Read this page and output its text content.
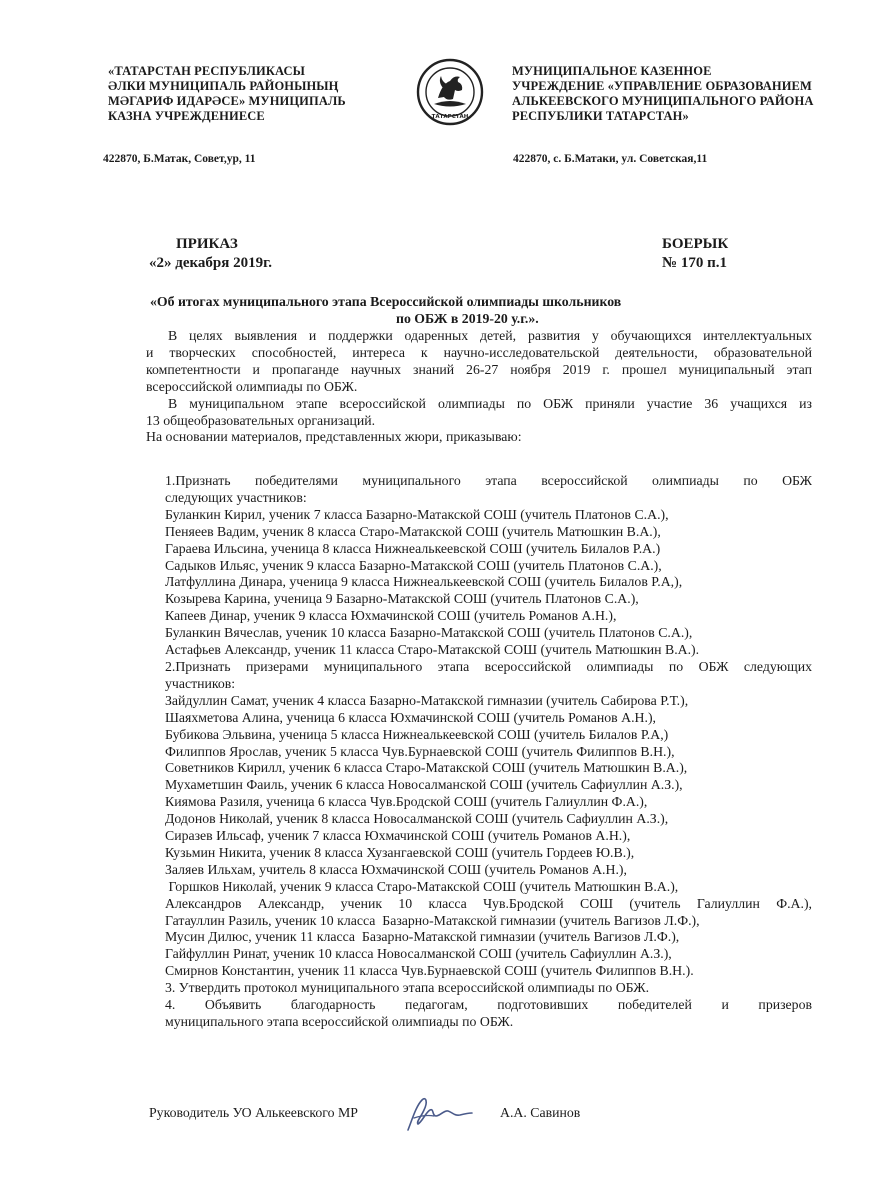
«ТАТАРСТАН РЕСПУБЛИКАСЫ
ӘЛКИ МУНИЦИПАЛЬ РАЙОНЫНЫҢ
МӘГАРИФ ИДАРӘСЕ» МУНИЦИПАЛЬ
КАЗНА УЧРЕЖДЕНИЕСЕ
422870, Б.Матак, Совет,ур, 11
ТАТАРСТАН
МУНИЦИПАЛЬНОЕ КАЗЕННОЕ
УЧРЕЖДЕНИЕ «УПРАВЛЕНИЕ ОБРАЗОВАНИЕМ
АЛЬКЕЕВСКОГО МУНИЦИПАЛЬНОГО РАЙОНА
РЕСПУБЛИКИ ТАТАРСТАН»
422870, с. Б.Матаки, ул. Советская,11
ПРИКАЗ
«2» декабря 2019г.
БОЕРЫК
№ 170 п.1
«Об итогах муниципального этапа Всероссийской олимпиады школьников
по ОБЖ в 2019-20 у.г.».
В целях выявления и поддержки одаренных детей, развития у обучающихся интеллектуальных
и творческих способностей, интереса к научно-исследовательской деятельности, образовательной
компетентности и пропаганде научных знаний 26-27 ноября 2019 г. прошел муниципальный этап
всероссийской олимпиады по ОБЖ.
В муниципальном этапе всероссийской олимпиады по ОБЖ приняли участие 36 учащихся из
13 общеобразовательных организаций.
На основании материалов, представленных жюри, приказываю:
1.Признать победителями муниципального этапа всероссийской олимпиады по ОБЖ
следующих участников:
Буланкин Кирил, ученик 7 класса Базарно-Матакской СОШ (учитель Платонов С.А.),
Пеняеев Вадим, ученик 8 класса Старо-Матакской СОШ (учитель Матюшкин В.А.),
Гараева Ильсина, ученица 8 класса Нижнеалькеевской СОШ (учитель Билалов Р.А.)
Садыков Ильяс, ученик 9 класса Базарно-Матакской СОШ (учитель Платонов С.А.),
Латфуллина Динара, ученица 9 класса Нижнеалькеевской СОШ (учитель Билалов Р.А,),
Козырева Карина, ученица 9 Базарно-Матакской СОШ (учитель Платонов С.А.),
Капеев Динар, ученик 9 класса Юхмачинской СОШ (учитель Романов А.Н.),
Буланкин Вячеслав, ученик 10 класса Базарно-Матакской СОШ (учитель Платонов С.А.),
Астафьев Александр, ученик 11 класса Старо-Матакской СОШ (учитель Матюшкин В.А.).
2.Признать призерами муниципального этапа всероссийской олимпиады по ОБЖ следующих
участников:
Зайдуллин Самат, ученик 4 класса Базарно-Матакской гимназии (учитель Сабирова Р.Т.),
Шаяхметова Алина, ученица 6 класса Юхмачинской СОШ (учитель Романов А.Н.),
Бубикова Эльвина, ученица 5 класса Нижнеалькеевской СОШ (учитель Билалов Р.А,)
Филиппов Ярослав, ученик 5 класса Чув.Бурнаевской СОШ (учитель Филиппов В.Н.),
Советников Кирилл, ученик 6 класса Старо-Матакской СОШ (учитель Матюшкин В.А.),
Мухаметшин Фаиль, ученик 6 класса Новосалманской СОШ (учитель Сафиуллин А.З.),
Киямова Разиля, ученица 6 класса Чув.Бродской СОШ (учитель Галиуллин Ф.А.),
Додонов Николай, ученик 8 класса Новосалманской СОШ (учитель Сафиуллин А.З.),
Сиразев Ильсаф, ученик 7 класса Юхмачинской СОШ (учитель Романов А.Н.),
Кузьмин Никита, ученик 8 класса Хузангаевской СОШ (учитель Гордеев Ю.В.),
Заляев Ильхам, учитель 8 класса Юхмачинской СОШ (учитель Романов А.Н.),
Горшков Николай, ученик 9 класса Старо-Матакской СОШ (учитель Матюшкин В.А.),
Александров Александр, ученик 10 класса Чув.Бродской СОШ (учитель Галиуллин Ф.А.),
Гатауллин Разиль, ученик 10 класса  Базарно-Матакской гимназии (учитель Вагизов Л.Ф.),
Мусин Дилюс, ученик 11 класса  Базарно-Матакской гимназии (учитель Вагизов Л.Ф.),
Гайфуллин Ринат, ученик 10 класса Новосалманской СОШ (учитель Сафиуллин А.З.),
Смирнов Константин, ученик 11 класса Чув.Бурнаевской СОШ (учитель Филиппов В.Н.).
3. Утвердить протокол муниципального этапа всероссийской олимпиады по ОБЖ.
4. Объявить благодарность педагогам, подготовивших победителей и призеров
муниципального этапа всероссийской олимпиады по ОБЖ.
Руководитель УО Алькеевского МР	А.А. Савинов
